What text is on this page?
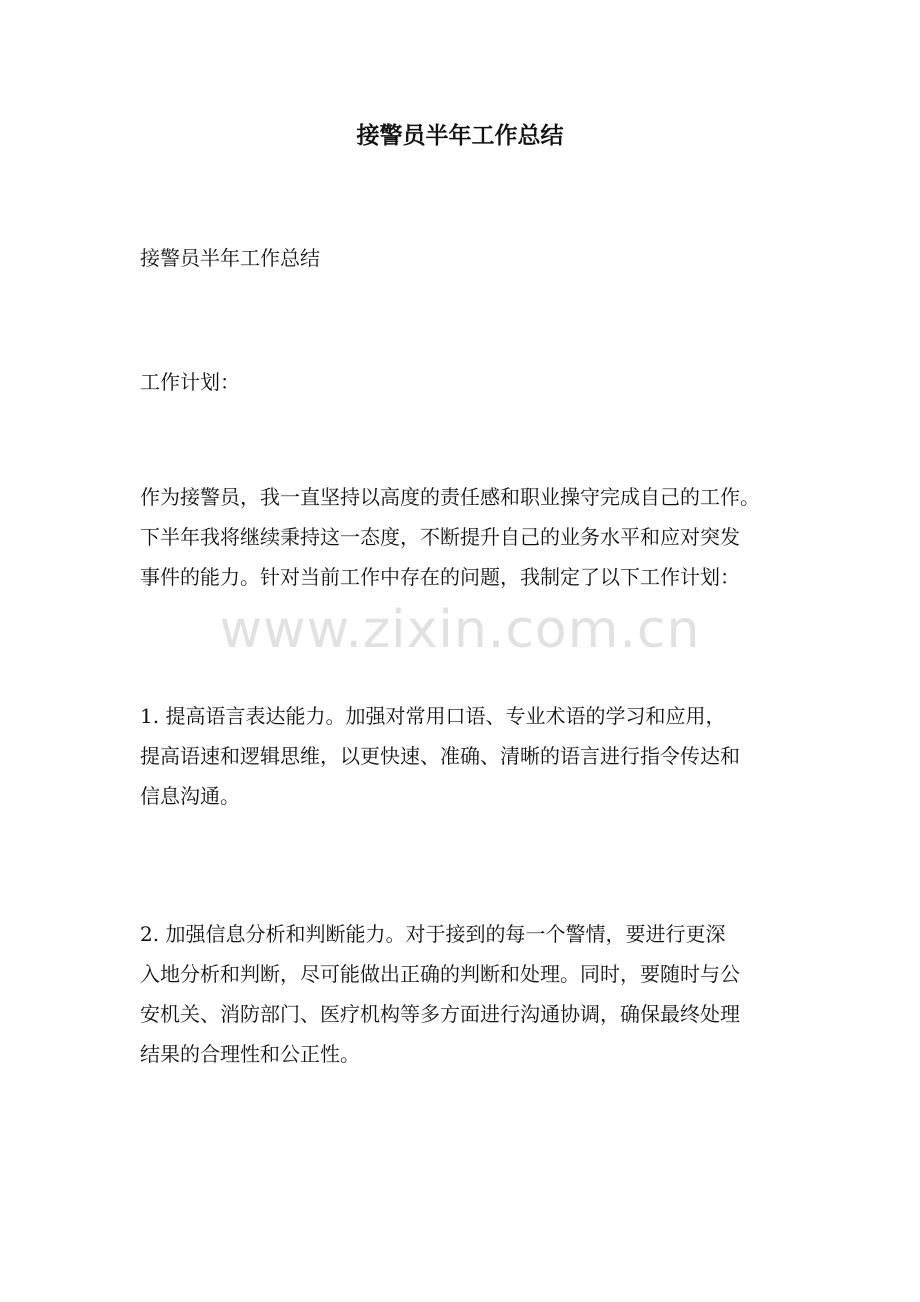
接警员半年工作总结

接警员半年工作总结

工作计划：

作为接警员，我一直坚持以高度的责任感和职业操守完成自己的工作。
下半年我将继续秉持这一态度，不断提升自己的业务水平和应对突发
事件的能力。针对当前工作中存在的问题，我制定了以下工作计划：
1. 提高语言表达能力。加强对常用口语、专业术语的学习和应用，
提高语速和逻辑思维，以更快速、准确、清晰的语言进行指令传达和
信息沟通。
2. 加强信息分析和判断能力。对于接到的每一个警情，要进行更深
入地分析和判断，尽可能做出正确的判断和处理。同时，要随时与公
安机关、消防部门、医疗机构等多方面进行沟通协调，确保最终处理
结果的合理性和公正性。
www.zixin.com.cn
